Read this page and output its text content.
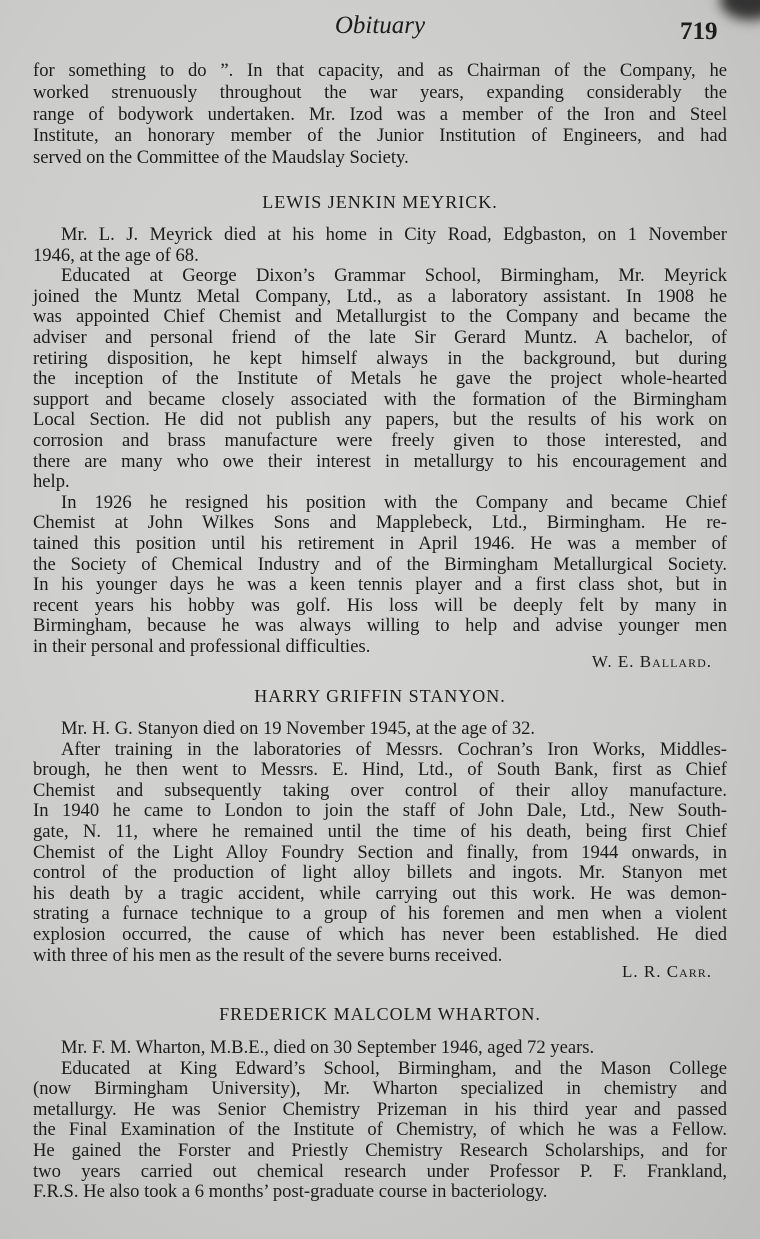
Obituary	719
for something to do ”. In that capacity, and as Chairman of the Company, he
worked strenuously throughout the war years, expanding considerably the
range of bodywork undertaken. Mr. Izod was a member of the Iron and Steel
Institute, an honorary member of the Junior Institution of Engineers, and had
served on the Committee of the Maudslay Society.
LEWIS JENKIN MEYRICK.
Mr. L. J. Meyrick died at his home in City Road, Edgbaston, on 1 November
1946, at the age of 68.
Educated at George Dixon’s Grammar School, Birmingham, Mr. Meyrick
joined the Muntz Metal Company, Ltd., as a laboratory assistant. In 1908 he
was appointed Chief Chemist and Metallurgist to the Company and became the
adviser and personal friend of the late Sir Gerard Muntz. A bachelor, of
retiring disposition, he kept himself always in the background, but during
the inception of the Institute of Metals he gave the project whole-hearted
support and became closely associated with the formation of the Birmingham
Local Section. He did not publish any papers, but the results of his work on
corrosion and brass manufacture were freely given to those interested, and
there are many who owe their interest in metallurgy to his encouragement and
help.
In 1926 he resigned his position with the Company and became Chief
Chemist at John Wilkes Sons and Mapplebeck, Ltd., Birmingham. He re-
tained this position until his retirement in April 1946. He was a member of
the Society of Chemical Industry and of the Birmingham Metallurgical Society.
In his younger days he was a keen tennis player and a first class shot, but in
recent years his hobby was golf. His loss will be deeply felt by many in
Birmingham, because he was always willing to help and advise younger men
in their personal and professional difficulties.
W. E. Ballard.
HARRY GRIFFIN STANYON.
Mr. H. G. Stanyon died on 19 November 1945, at the age of 32.
After training in the laboratories of Messrs. Cochran’s Iron Works, Middles-
brough, he then went to Messrs. E. Hind, Ltd., of South Bank, first as Chief
Chemist and subsequently taking over control of their alloy manufacture.
In 1940 he came to London to join the staff of John Dale, Ltd., New South-
gate, N. 11, where he remained until the time of his death, being first Chief
Chemist of the Light Alloy Foundry Section and finally, from 1944 onwards, in
control of the production of light alloy billets and ingots. Mr. Stanyon met
his death by a tragic accident, while carrying out this work. He was demon-
strating a furnace technique to a group of his foremen and men when a violent
explosion occurred, the cause of which has never been established. He died
with three of his men as the result of the severe burns received.
L. R. Carr.
FREDERICK MALCOLM WHARTON.
Mr. F. M. Wharton, M.B.E., died on 30 September 1946, aged 72 years.
Educated at King Edward’s School, Birmingham, and the Mason College
(now Birmingham University), Mr. Wharton specialized in chemistry and
metallurgy. He was Senior Chemistry Prizeman in his third year and passed
the Final Examination of the Institute of Chemistry, of which he was a Fellow.
He gained the Forster and Priestly Chemistry Research Scholarships, and for
two years carried out chemical research under Professor P. F. Frankland,
F.R.S. He also took a 6 months’ post-graduate course in bacteriology.
